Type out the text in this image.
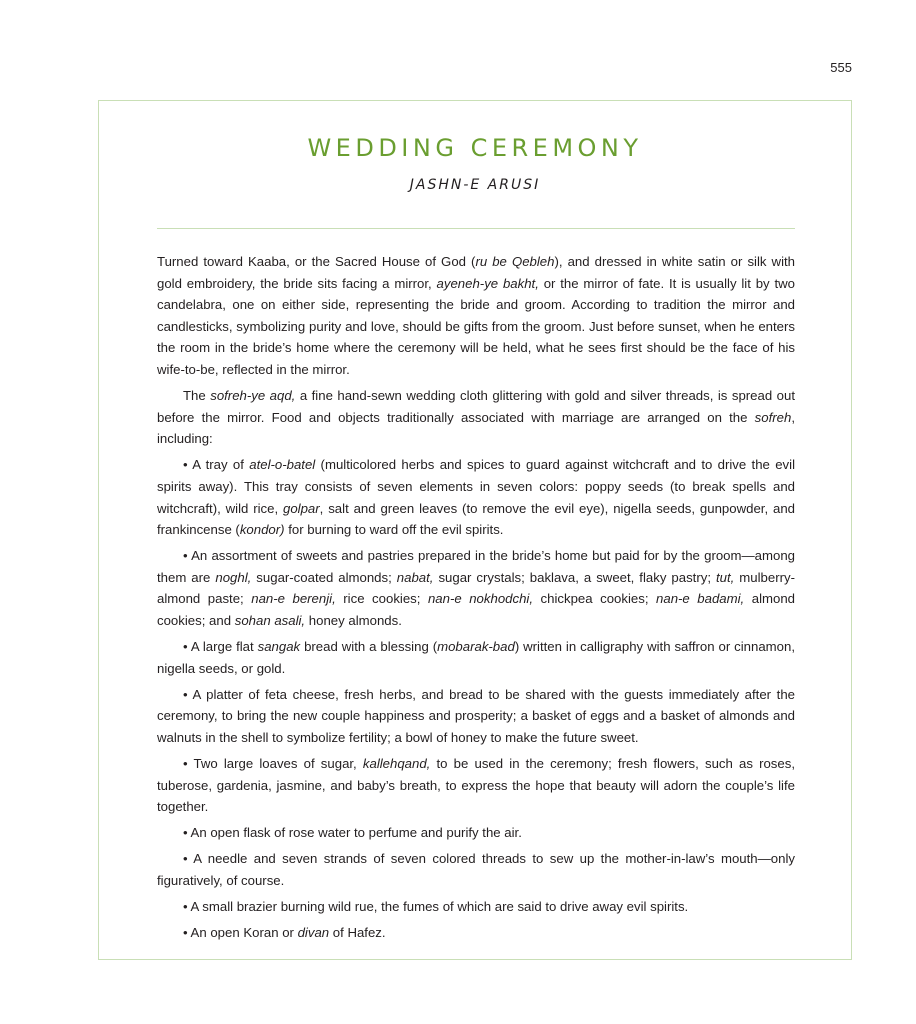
555
WEDDING CEREMONY
JASHN-E ARUSI

Turned toward Kaaba, or the Sacred House of God (ru be Qebleh), and dressed in white satin or silk with gold embroidery, the bride sits facing a mirror, ayeneh-ye bakht, or the mirror of fate. It is usually lit by two candelabra, one on either side, representing the bride and groom. According to tradition the mirror and candlesticks, symbolizing purity and love, should be gifts from the groom. Just before sunset, when he enters the room in the bride’s home where the ceremony will be held, what he sees first should be the face of his wife-to-be, reflected in the mirror.

The sofreh-ye aqd, a fine hand-sewn wedding cloth glittering with gold and silver threads, is spread out before the mirror. Food and objects traditionally associated with marriage are arranged on the sofreh, including:

• A tray of atel-o-batel (multicolored herbs and spices to guard against witchcraft and to drive the evil spirits away). This tray consists of seven elements in seven colors: poppy seeds (to break spells and witchcraft), wild rice, golpar, salt and green leaves (to remove the evil eye), nigella seeds, gunpowder, and frankincense (kondor) for burning to ward off the evil spirits.

• An assortment of sweets and pastries prepared in the bride’s home but paid for by the groom—among them are noghl, sugar-coated almonds; nabat, sugar crystals; baklava, a sweet, flaky pastry; tut, mulberry-almond paste; nan-e berenji, rice cookies; nan-e nokhodchi, chickpea cookies; nan-e badami, almond cookies; and sohan asali, honey almonds.

• A large flat sangak bread with a blessing (mobarak-bad) written in calligraphy with saffron or cinnamon, nigella seeds, or gold.

• A platter of feta cheese, fresh herbs, and bread to be shared with the guests immediately after the ceremony, to bring the new couple happiness and prosperity; a basket of eggs and a basket of almonds and walnuts in the shell to symbolize fertility; a bowl of honey to make the future sweet.

• Two large loaves of sugar, kallehqand, to be used in the ceremony; fresh flowers, such as roses, tuberose, gardenia, jasmine, and baby’s breath, to express the hope that beauty will adorn the couple’s life together.

• An open flask of rose water to perfume and purify the air.

• A needle and seven strands of seven colored threads to sew up the mother-in-law’s mouth—only figuratively, of course.

• A small brazier burning wild rue, the fumes of which are said to drive away evil spirits.

• An open Koran or divan of Hafez.
